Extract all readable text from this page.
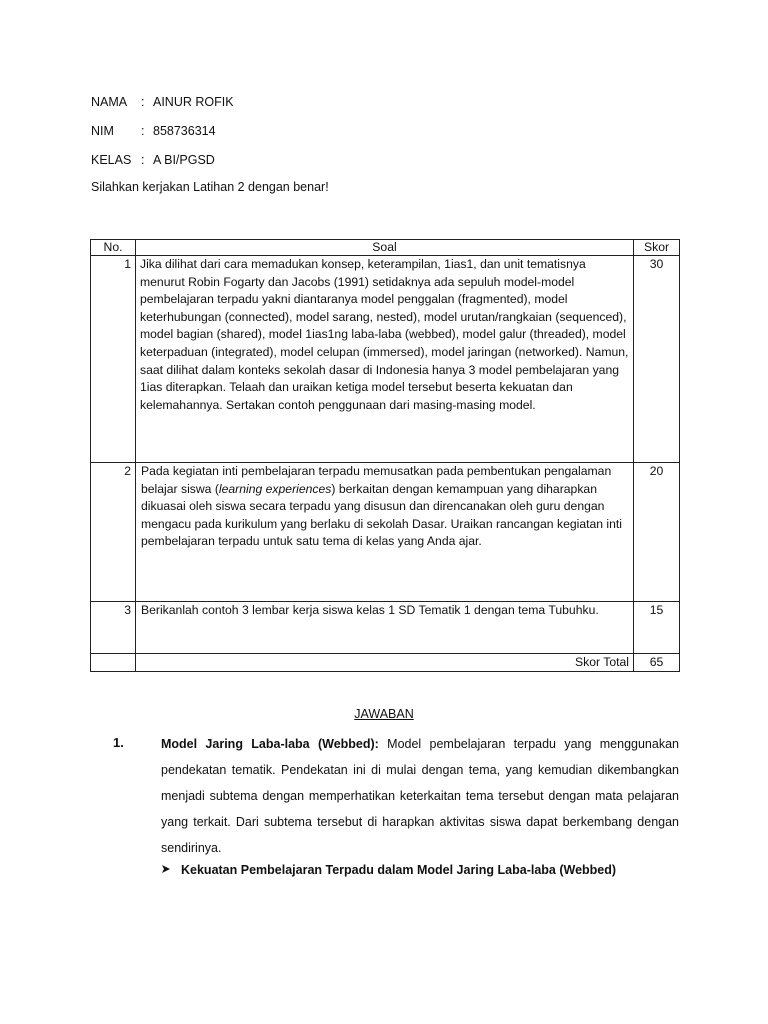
NAMA	: AINUR ROFIK
NIM	: 858736314
KELAS : A BI/PGSD
Silahkan kerjakan Latihan 2 dengan benar!
No.	Soal	Skor
1	Jika dilihat dari cara memadukan konsep, keterampilan, 1ias1, dan unit tematisnya menurut Robin Fogarty dan Jacobs (1991) setidaknya ada sepuluh model-model pembelajaran terpadu yakni diantaranya model penggalan (fragmented), model keterhubungan (connected), model sarang, nested), model urutan/rangkaian (sequenced), model bagian (shared), model 1ias1ng laba-laba (webbed), model galur (threaded), model keterpaduan (integrated), model celupan (immersed), model jaringan (networked). Namun, saat dilihat dalam konteks sekolah dasar di Indonesia hanya 3 model pembelajaran yang 1ias diterapkan. Telaah dan uraikan ketiga model tersebut beserta kekuatan dan kelemahannya. Sertakan contoh penggunaan dari masing-masing model.	30
2	Pada kegiatan inti pembelajaran terpadu memusatkan pada pembentukan pengalaman belajar siswa (learning experiences) berkaitan dengan kemampuan yang diharapkan dikuasai oleh siswa secara terpadu yang disusun dan direncanakan oleh guru dengan mengacu pada kurikulum yang berlaku di sekolah Dasar. Uraikan rancangan kegiatan inti pembelajaran terpadu untuk satu tema di kelas yang Anda ajar.	20
3	Berikanlah contoh 3 lembar kerja siswa kelas 1 SD Tematik 1 dengan tema Tubuhku.	15
	Skor Total	65
JAWABAN
1.	Model Jaring Laba-laba (Webbed): Model pembelajaran terpadu yang menggunakan pendekatan tematik. Pendekatan ini di mulai dengan tema, yang kemudian dikembangkan menjadi subtema dengan memperhatikan keterkaitan tema tersebut dengan mata pelajaran yang terkait. Dari subtema tersebut di harapkan aktivitas siswa dapat berkembang dengan sendirinya.
Kekuatan Pembelajaran Terpadu dalam Model Jaring Laba-laba (Webbed)
